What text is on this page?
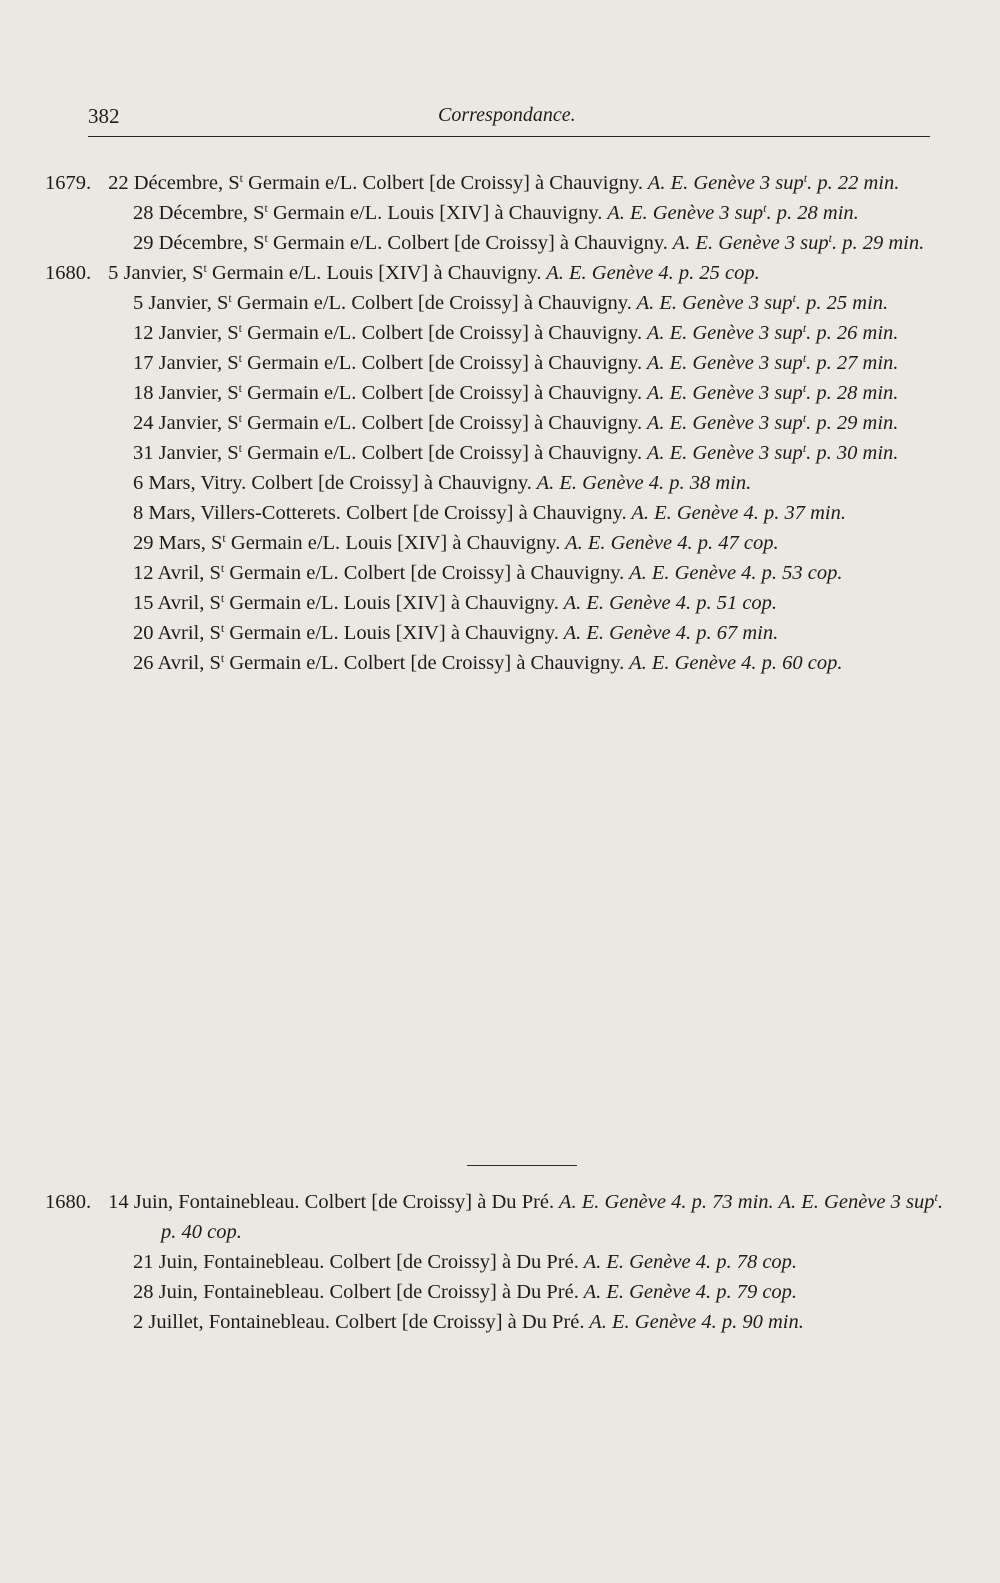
382	Correspondance.

1679. 22 Décembre, $S^t$ Germain e/L. Colbert [de Croissy] à Chauvigny. A. E. Genève 3 sup$^t$. p. 22 min.

28 Décembre, $S^t$ Germain e/L. Louis [XIV] à Chauvigny. A. E. Genève 3 sup$^t$. p. 28 min.

29 Décembre, $S^t$ Germain e/L. Colbert [de Croissy] à Chauvigny. A. E. Genève 3 sup$^t$. p. 29 min.

1680. 5 Janvier, $S^t$ Germain e/L. Louis [XIV] à Chauvigny. A. E. Genève 4. p. 25 cop.

5 Janvier, $S^t$ Germain e/L. Colbert [de Croissy] à Chauvigny. A. E. Genève 3 sup$^t$. p. 25 min.

12 Janvier, $S^t$ Germain e/L. Colbert [de Croissy] à Chauvigny. A. E. Genève 3 sup$^t$. p. 26 min.

17 Janvier, $S^t$ Germain e/L. Colbert [de Croissy] à Chauvigny. A. E. Genève 3 sup$^t$. p. 27 min.

18 Janvier, $S^t$ Germain e/L. Colbert [de Croissy] à Chauvigny. A. E. Genève 3 sup$^t$. p. 28 min.

24 Janvier, $S^t$ Germain e/L. Colbert [de Croissy] à Chauvigny. A. E. Genève 3 sup$^t$. p. 29 min.

31 Janvier, $S^t$ Germain e/L. Colbert [de Croissy] à Chauvigny. A. E. Genève 3 sup$^t$. p. 30 min.

6 Mars, Vitry. Colbert [de Croissy] à Chauvigny. A. E. Genève 4. p. 38 min.

8 Mars, Villers-Cotterets. Colbert [de Croissy] à Chauvigny. A. E. Genève 4. p. 37 min.

29 Mars, $S^t$ Germain e/L. Louis [XIV] à Chauvigny. A. E. Genève 4. p. 47 cop.

12 Avril, $S^t$ Germain e/L. Colbert [de Croissy] à Chauvigny. A. E. Genève 4. p. 53 cop.

15 Avril, $S^t$ Germain e/L. Louis [XIV] à Chauvigny. A. E. Genève 4. p. 51 cop.

20 Avril, $S^t$ Germain e/L. Louis [XIV] à Chauvigny. A. E. Genève 4. p. 67 min.

26 Avril, $S^t$ Germain e/L. Colbert [de Croissy] à Chauvigny. A. E. Genève 4. p. 60 cop.

1680. 14 Juin, Fontainebleau. Colbert [de Croissy] à Du Pré. A. E. Genève 4. p. 73 min. A. E. Genève 3 sup$^t$. p. 40 cop.

21 Juin, Fontainebleau. Colbert [de Croissy] à Du Pré. A. E. Genève 4. p. 78 cop.

28 Juin, Fontainebleau. Colbert [de Croissy] à Du Pré. A. E. Genève 4. p. 79 cop.

2 Juillet, Fontainebleau. Colbert [de Croissy] à Du Pré. A. E. Genève 4. p. 90 min.
